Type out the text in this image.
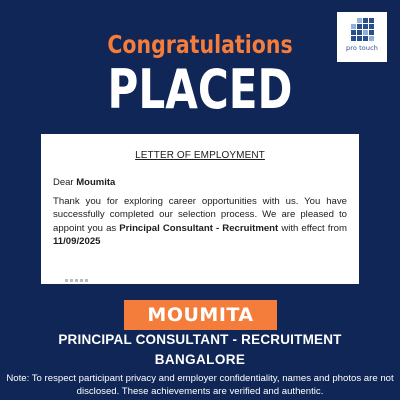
pro touch
Congratulations
PLACED
LETTER OF EMPLOYMENT
Dear Moumita
Thank you for exploring career opportunities with us. You have successfully completed our selection process. We are pleased to appoint you as Principal Consultant - Recruitment with effect from 11/09/2025
MOUMITA
PRINCIPAL CONSULTANT - RECRUITMENT
BANGALORE
Note: To respect participant privacy and employer confidentiality, names and photos are not disclosed. These achievements are verified and authentic.
